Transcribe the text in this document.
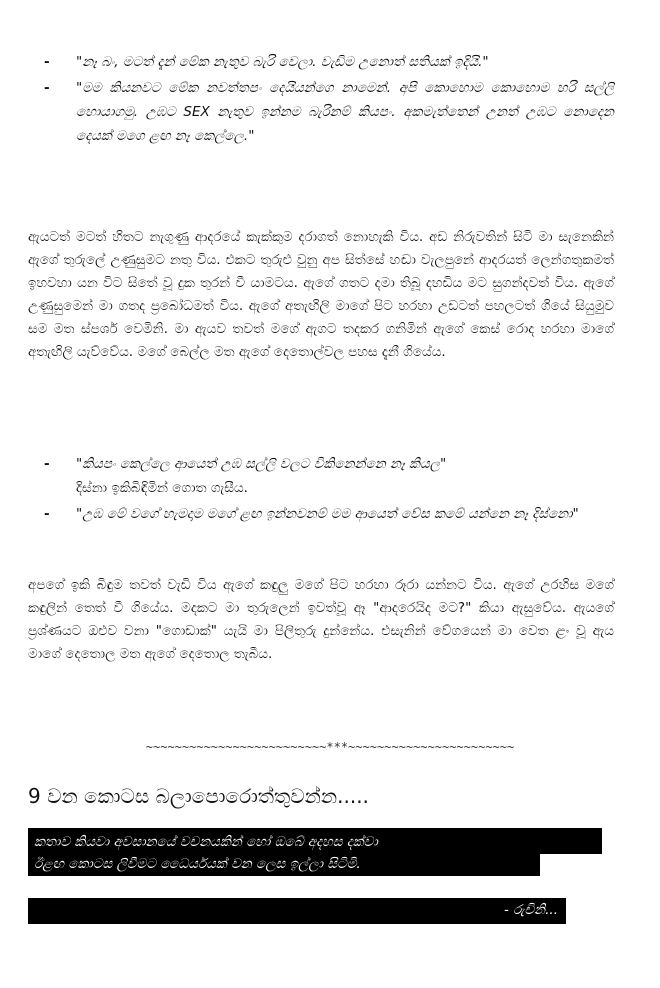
- "නෑ බං, මටත් දැන් මේක නැතුව බැරි වෙලා. වැඩිම උනොත් සතියක් ඉදියි."
- "මම කියනවට මේක නවත්තපං දෙයියන්ගෙ නාමෙන්. අපි කොහොම කොහොම හරි සල්ලි හොයාගමු. උඹට SEX නැතුව ඉන්නම බැරිනම් කියපං. අකමැත්තෙන් උනත් උඹට නොදෙන දෙයක් මගෙ ළඟ නෑ කෙල්ලෙ."

ඇයටත් මටත් හිතට නැගුණු ආදරයේ කැක්කුම දරාගත් නොහැකි විය. අඩ නිරුවතින් සිටි මා සැනෙකින් ඇගේ තුරුලේ උණුසුමට නතු විය. එකට තුරුළු වුනු අප සිත්සේ හඬා වැලපුනේ ආදරයත් ලෙන්ගතුකමත් ඉහවහා යන විට සිතේ වූ දුක තුරන් වී යාමටය. ඇගේ ගතට දමා තිබූ දහඩිය මට සුගන්දවත් විය. ඇගේ උණුසුමෙන් මා ගතද ප්‍රබෝධමත් විය. ඇගේ අතැඟිලි මාගේ පිට හරහා උඩටත් පහලටත් ගියේ සියුමුව සම මත ස්පර්ශ වෙමිනි. මා ඇයව තවත් මගේ ඇගට තදකර ගනිමින් ඇගේ කෙස් රොද හරහා මාගේ අතැඟිලි යැව්වේය. මගේ බෙල්ල මත ඇගේ දෙතොල්වල පහස දැනී ගියේය.

- "කියපං කෙල්ලෙ ආයෙත් උඹ සල්ලි වලට විකිනෙන්නෙ නෑ කියල"
දිස්නා ඉකිබිඳිමින් ගොත ගැසීය.
- "උඹ මේ වගේ හැමදාම මගේ ළඟ ඉන්නවනම් මම ආයෙත් වේස කමේ යන්නෙ නෑ දිස්නො"

අපගේ ඉකි බිඳුම තවත් වැඩි විය ඇගේ කඳුලු මගේ පිට හරහා රූරා යන්නට විය. ඇගේ උරහිස මගේ කඳුලින් තෙත් වී ගියේය. මදකට මා තුරුලෙන් ඉවත්වූ ඈ "ආදරෙයිද මට?" කියා ඇසුවේය. ඇයගේ ප්‍රශ්ණයට ඔළුව වනා "ගොඩාක්" යැයි මා පිලිතුරු දුන්නේය. එසැනින් වේගයෙන් මා වෙත ළං වූ ඇය මාගේ දෙතොල මත ඇගේ දෙතොල තැබීය.

~~~~~~~~~~~~~~~~~~~~~~~~~***~~~~~~~~~~~~~~~~~~~~~~~
9 වන කොටස බලාපොරොත්තුවන්න.....
කතාව කියවා අවසානයේ වචනයකින් හෝ ඔබේ අදහස දක්වා
ඊළඟ කොටස ලිවීමට ධෛර්යයක් වන ලෙස ඉල්ලා සිටිමි.
- රුචිනි...
